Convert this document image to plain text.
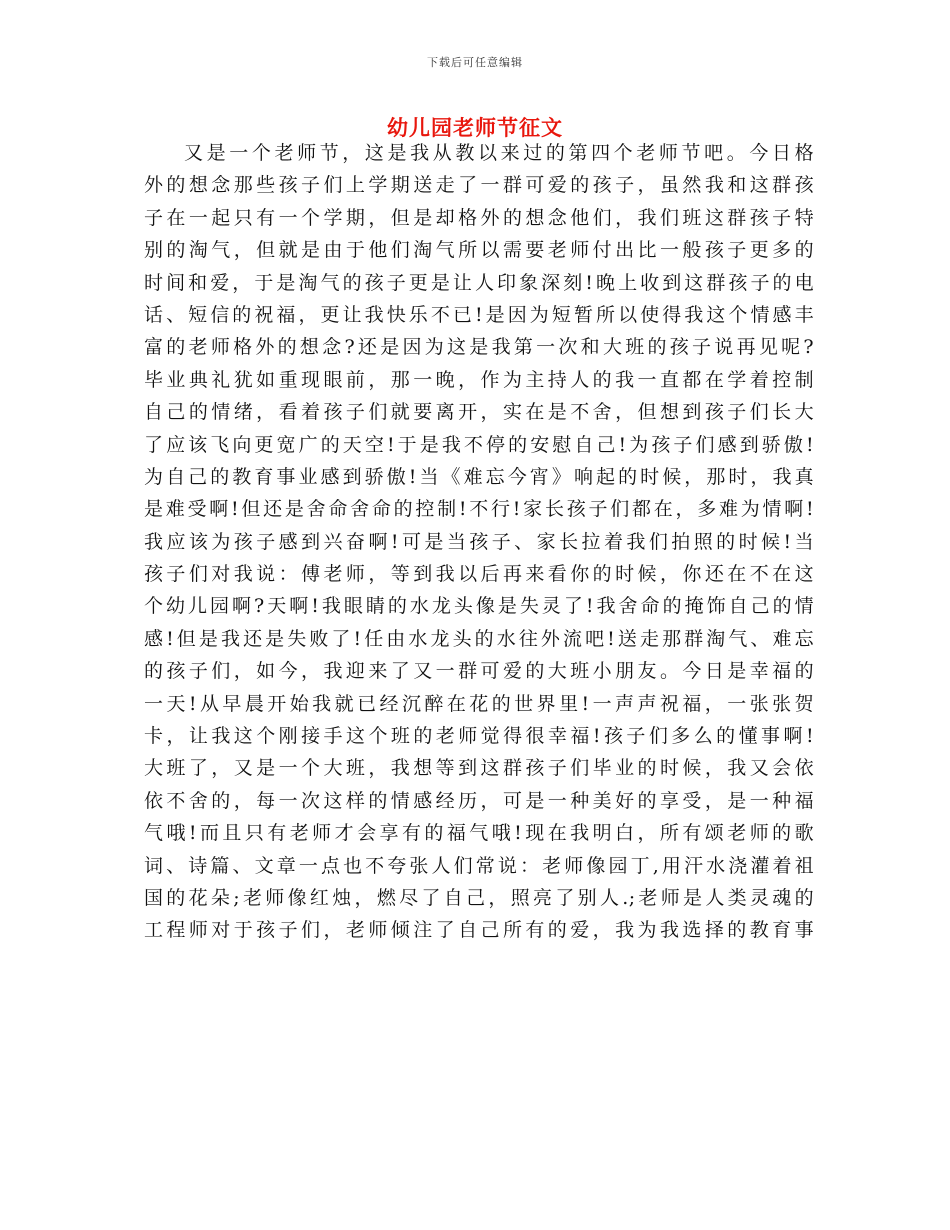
下载后可任意编辑
幼儿园老师节征文
又是一个老师节，这是我从教以来过的第四个老师节吧。今日格
外的想念那些孩子们上学期送走了一群可爱的孩子，虽然我和这群孩
子在一起只有一个学期，但是却格外的想念他们，我们班这群孩子特
别的淘气，但就是由于他们淘气所以需要老师付出比一般孩子更多的
时间和爱，于是淘气的孩子更是让人印象深刻!晚上收到这群孩子的电
话、短信的祝福，更让我快乐不已!是因为短暂所以使得我这个情感丰
富的老师格外的想念?还是因为这是我第一次和大班的孩子说再见呢?
毕业典礼犹如重现眼前，那一晚，作为主持人的我一直都在学着控制
自己的情绪，看着孩子们就要离开，实在是不舍，但想到孩子们长大
了应该飞向更宽广的天空!于是我不停的安慰自己!为孩子们感到骄傲!
为自己的教育事业感到骄傲!当《难忘今宵》响起的时候，那时，我真
是难受啊!但还是舍命舍命的控制!不行!家长孩子们都在，多难为情啊!
我应该为孩子感到兴奋啊!可是当孩子、家长拉着我们拍照的时候!当
孩子们对我说：傅老师，等到我以后再来看你的时候，你还在不在这
个幼儿园啊?天啊!我眼睛的水龙头像是失灵了!我舍命的掩饰自己的情
感!但是我还是失败了!任由水龙头的水往外流吧!送走那群淘气、难忘
的孩子们，如今，我迎来了又一群可爱的大班小朋友。今日是幸福的
一天!从早晨开始我就已经沉醉在花的世界里!一声声祝福，一张张贺
卡，让我这个刚接手这个班的老师觉得很幸福!孩子们多么的懂事啊!
大班了，又是一个大班，我想等到这群孩子们毕业的时候，我又会依
依不舍的，每一次这样的情感经历，可是一种美好的享受，是一种福
气哦!而且只有老师才会享有的福气哦!现在我明白，所有颂老师的歌
词、诗篇、文章一点也不夸张人们常说：老师像园丁,用汗水浇灌着祖
国的花朵;老师像红烛，燃尽了自己，照亮了别人.;老师是人类灵魂的
工程师对于孩子们，老师倾注了自己所有的爱，我为我选择的教育事
